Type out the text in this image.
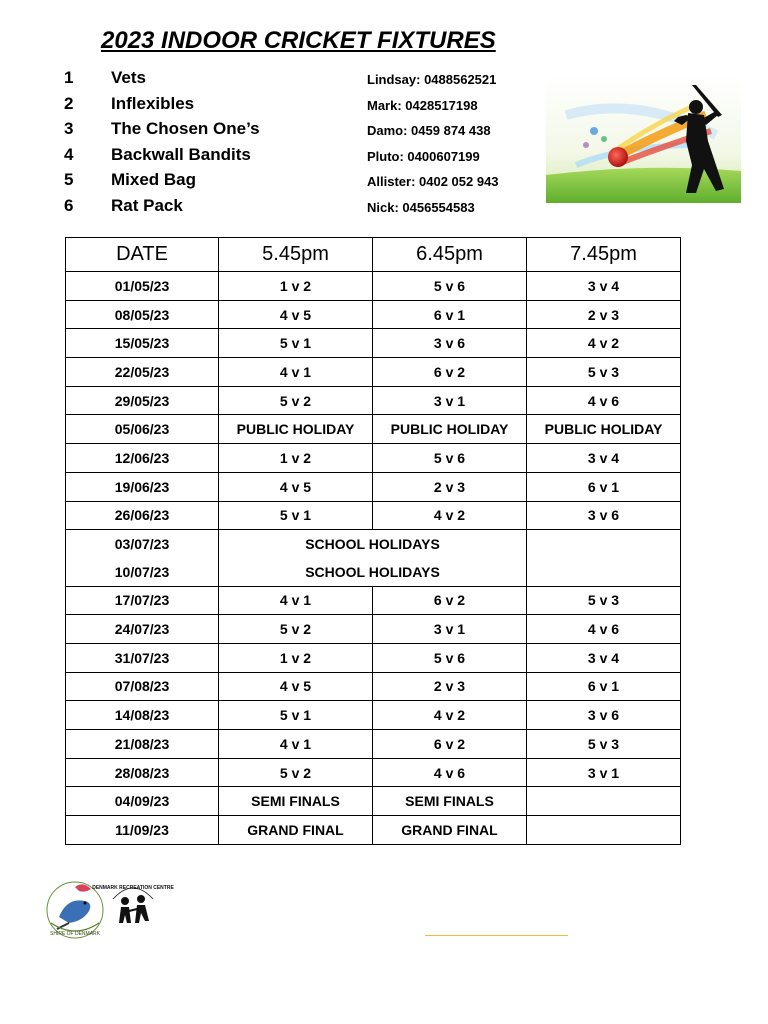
2023 INDOOR CRICKET FIXTURES
1 Vets	Lindsay: 0488562521
2 Inflexibles	Mark: 0428517198
3 The Chosen One’s	Damo: 0459 874 438
4 Backwall Bandits	Pluto: 0400607199
5 Mixed Bag	Allister: 0402 052 943
6 Rat Pack	Nick: 0456554583
DATE	5.45pm	6.45pm	7.45pm
01/05/23	1 v 2	5 v 6	3 v 4
08/05/23	4 v 5	6 v 1	2 v 3
15/05/23	5 v 1	3 v 6	4 v 2
22/05/23	4 v 1	6 v 2	5 v 3
29/05/23	5 v 2	3 v 1	4 v 6
05/06/23	PUBLIC HOLIDAY	PUBLIC HOLIDAY	PUBLIC HOLIDAY
12/06/23	1 v 2	5 v 6	3 v 4
19/06/23	4 v 5	2 v 3	6 v 1
26/06/23	5 v 1	4 v 2	3 v 6
03/07/23	SCHOOL HOLIDAYS		
10/07/23	SCHOOL HOLIDAYS		
17/07/23	4 v 1	6 v 2	5 v 3
24/07/23	5 v 2	3 v 1	4 v 6
31/07/23	1 v 2	5 v 6	3 v 4
07/08/23	4 v 5	2 v 3	6 v 1
14/08/23	5 v 1	4 v 2	3 v 6
21/08/23	4 v 1	6 v 2	5 v 3
28/08/23	5 v 2	4 v 6	3 v 1
04/09/23	SEMI FINALS	SEMI FINALS	
11/09/23	GRAND FINAL	GRAND FINAL	
SHIRE OF DENMARK
DENMARK RECREATION CENTRE
